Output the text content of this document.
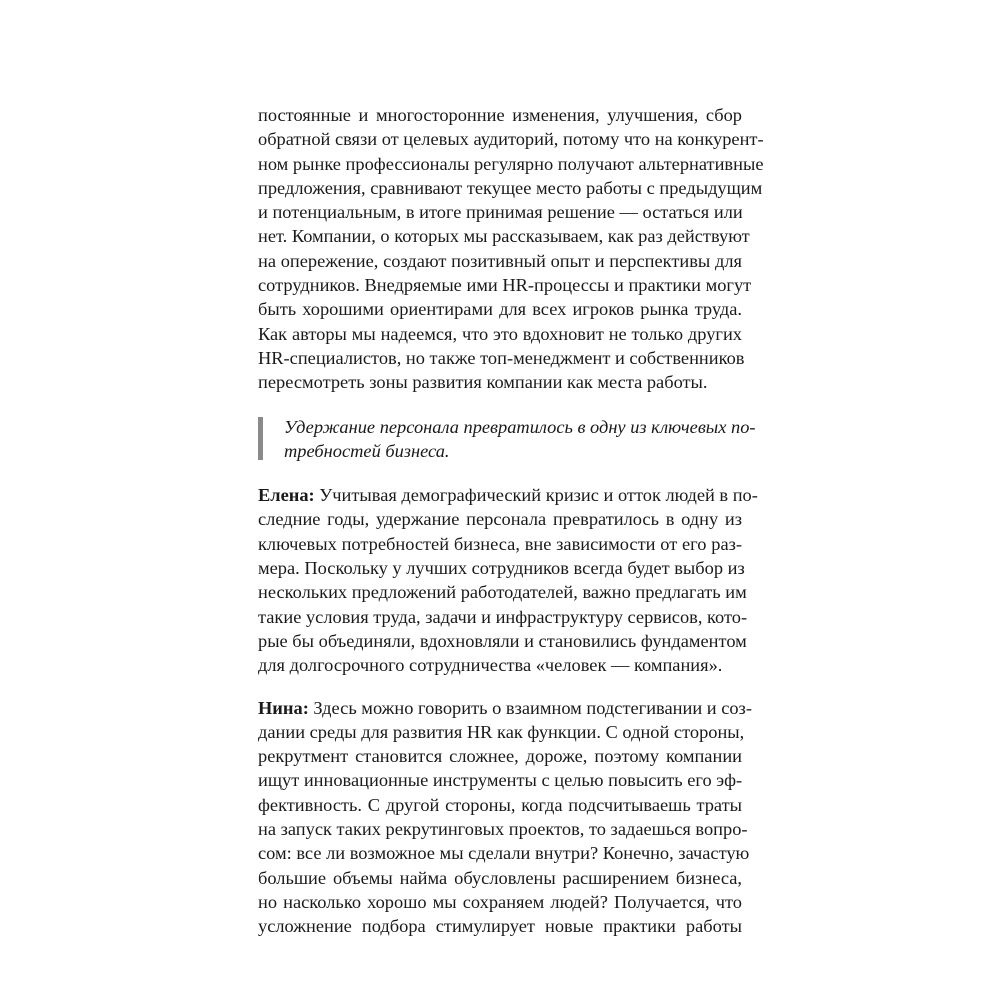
постоянные и многосторонние изменения, улучшения, сбор
обратной связи от целевых аудиторий, потому что на конкурент-
ном рынке профессионалы регулярно получают альтернативные
предложения, сравнивают текущее место работы с предыдущим
и потенциальным, в итоге принимая решение — остаться или
нет. Компании, о которых мы рассказываем, как раз действуют
на опережение, создают позитивный опыт и перспективы для
сотрудников. Внедряемые ими HR-процессы и практики могут
быть хорошими ориентирами для всех игроков рынка труда.
Как авторы мы надеемся, что это вдохновит не только других
HR-специалистов, но также топ-менеджмент и собственников
пересмотреть зоны развития компании как места работы.
Удержание персонала превратилось в одну из ключевых по-
требностей бизнеса.
Елена: Учитывая демографический кризис и отток людей в по-
следние годы, удержание персонала превратилось в одну из
ключевых потребностей бизнеса, вне зависимости от его раз-
мера. Поскольку у лучших сотрудников всегда будет выбор из
нескольких предложений работодателей, важно предлагать им
такие условия труда, задачи и инфраструктуру сервисов, кото-
рые бы объединяли, вдохновляли и становились фундаментом
для долгосрочного сотрудничества «человек — компания».
Нина: Здесь можно говорить о взаимном подстегивании и соз-
дании среды для развития HR как функции. С одной стороны,
рекрутмент становится сложнее, дороже, поэтому компании
ищут инновационные инструменты с целью повысить его эф-
фективность. С другой стороны, когда подсчитываешь траты
на запуск таких рекрутинговых проектов, то задаешься вопро-
сом: все ли возможное мы сделали внутри? Конечно, зачастую
большие объемы найма обусловлены расширением бизнеса,
но насколько хорошо мы сохраняем людей? Получается, что
усложнение подбора стимулирует новые практики работы
